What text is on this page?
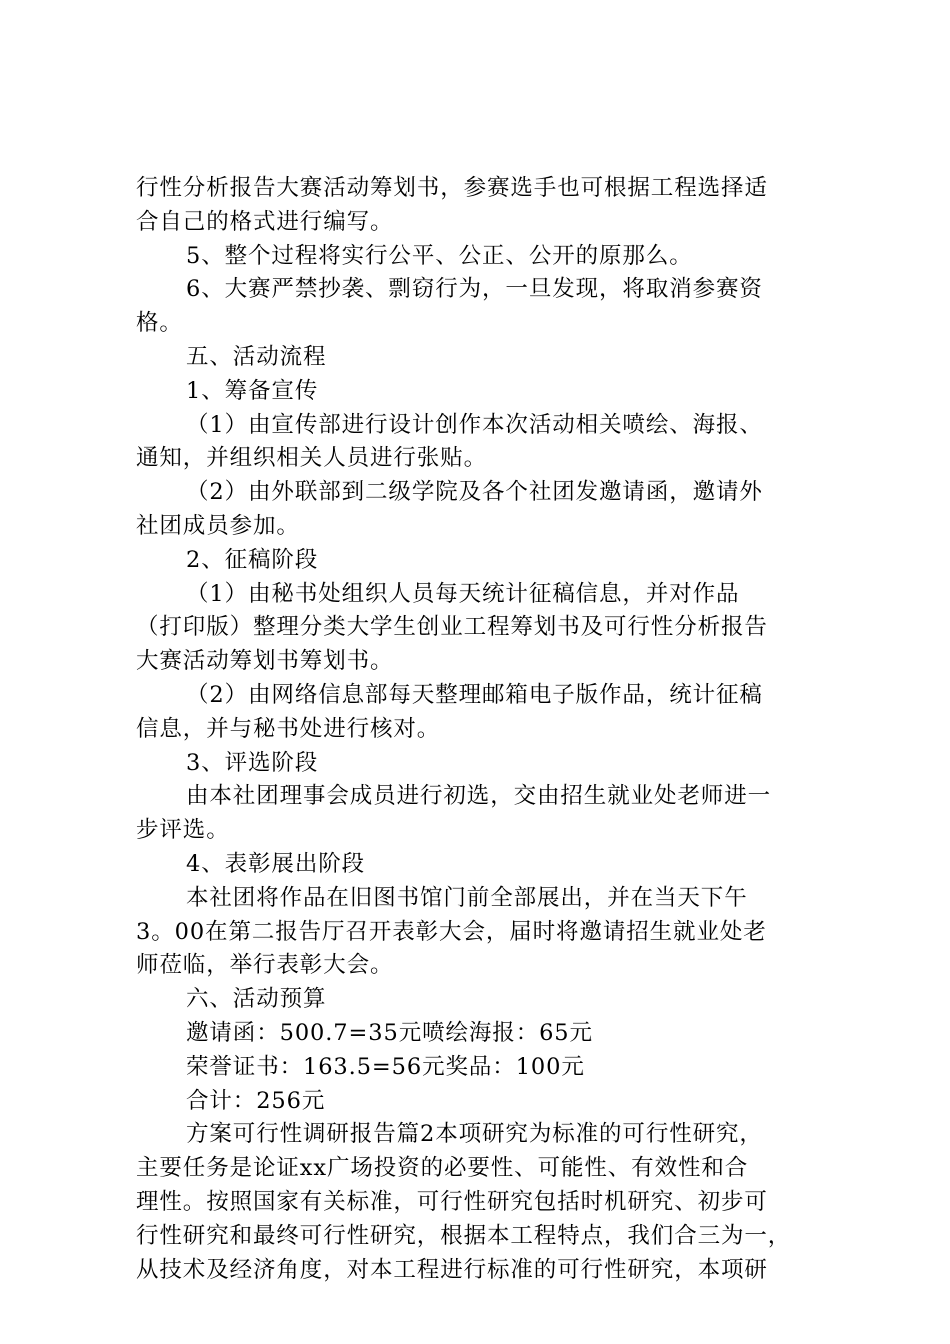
行性分析报告大赛活动筹划书，参赛选手也可根据工程选择适
合自己的格式进行编写。
5、整个过程将实行公平、公正、公开的原那么。
6、大赛严禁抄袭、剽窃行为，一旦发现，将取消参赛资
格。
五、活动流程
1、筹备宣传
（1）由宣传部进行设计创作本次活动相关喷绘、海报、
通知，并组织相关人员进行张贴。
（2）由外联部到二级学院及各个社团发邀请函，邀请外
社团成员参加。
2、征稿阶段
（1）由秘书处组织人员每天统计征稿信息，并对作品
（打印版）整理分类大学生创业工程筹划书及可行性分析报告
大赛活动筹划书筹划书。
（2）由网络信息部每天整理邮箱电子版作品，统计征稿
信息，并与秘书处进行核对。
3、评选阶段
由本社团理事会成员进行初选，交由招生就业处老师进一
步评选。
4、表彰展出阶段
本社团将作品在旧图书馆门前全部展出，并在当天下午
3。00在第二报告厅召开表彰大会，届时将邀请招生就业处老
师莅临，举行表彰大会。
六、活动预算
邀请函：500.7=35元喷绘海报：65元
荣誉证书：163.5=56元奖品：100元
合计：256元
方案可行性调研报告篇2本项研究为标准的可行性研究，
主要任务是论证xx广场投资的必要性、可能性、有效性和合
理性。按照国家有关标准，可行性研究包括时机研究、初步可
行性研究和最终可行性研究，根据本工程特点，我们合三为一，
从技术及经济角度，对本工程进行标准的可行性研究，本项研
